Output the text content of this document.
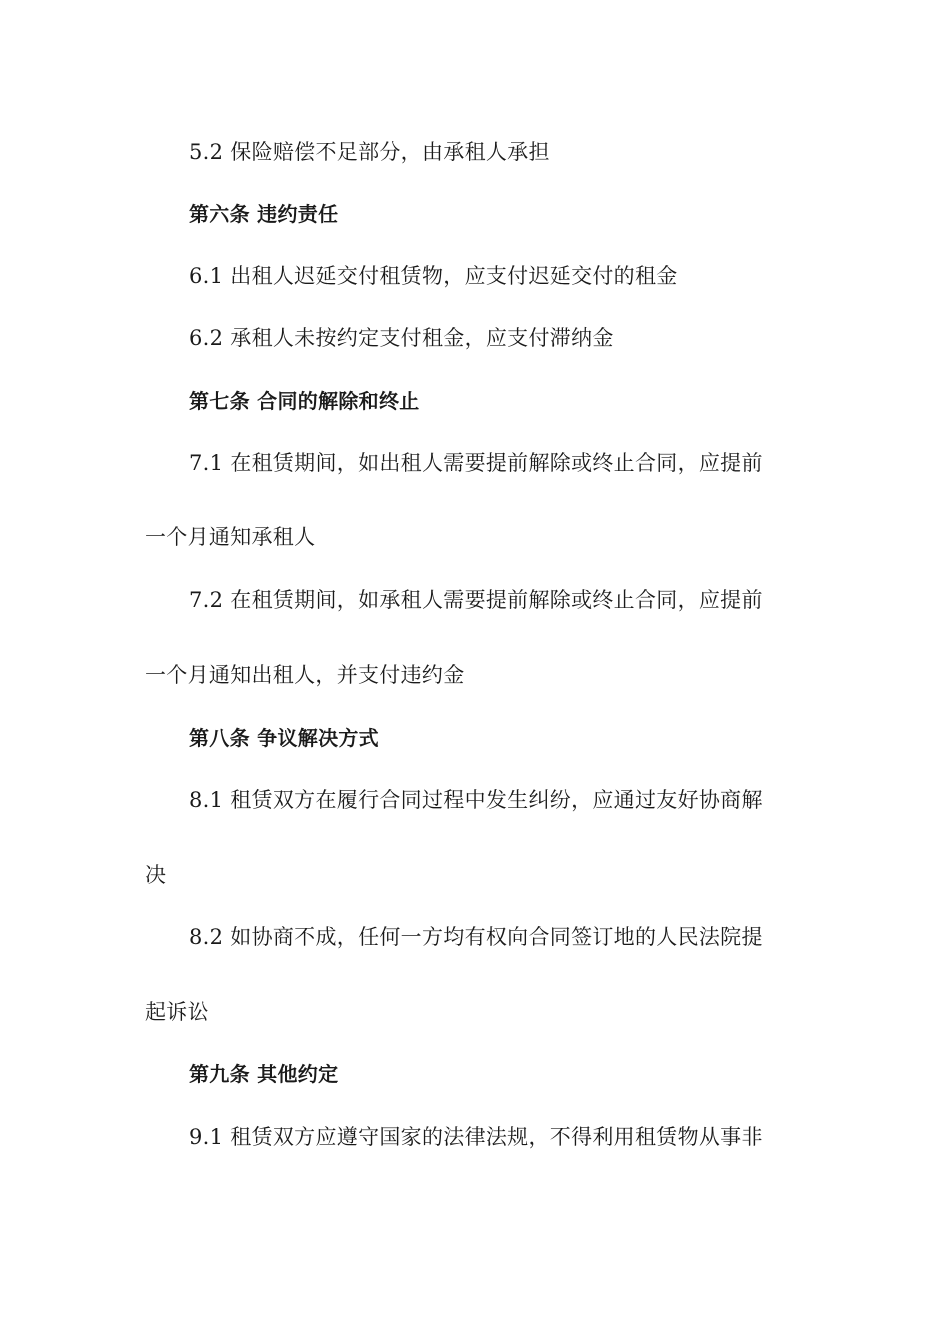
5.2 保险赔偿不足部分，由承租人承担
第六条 违约责任
6.1 出租人迟延交付租赁物，应支付迟延交付的租金
6.2 承租人未按约定支付租金，应支付滞纳金
第七条 合同的解除和终止
7.1 在租赁期间，如出租人需要提前解除或终止合同，应提前
一个月通知承租人
7.2 在租赁期间，如承租人需要提前解除或终止合同，应提前
一个月通知出租人，并支付违约金
第八条 争议解决方式
8.1 租赁双方在履行合同过程中发生纠纷，应通过友好协商解
决
8.2 如协商不成，任何一方均有权向合同签订地的人民法院提
起诉讼
第九条 其他约定
9.1 租赁双方应遵守国家的法律法规，不得利用租赁物从事非
